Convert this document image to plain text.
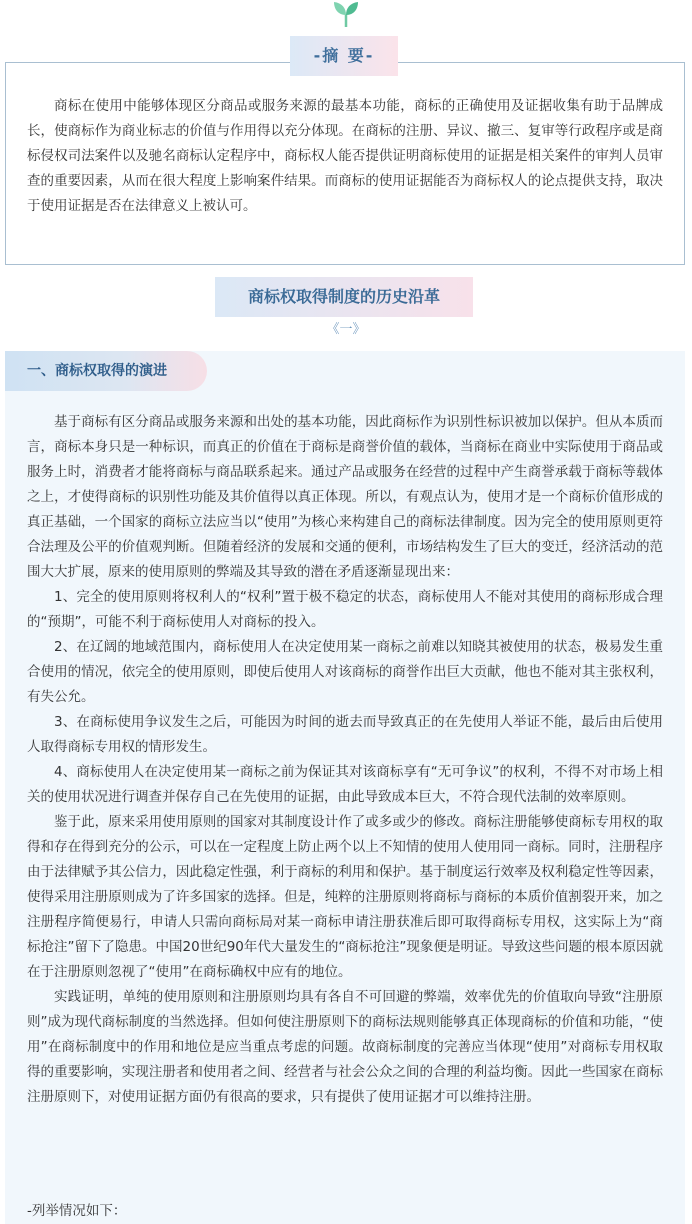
-摘 要-

商标在使用中能够体现区分商品或服务来源的最基本功能，商标的正确使用及证据收集有助于品牌成长，使商标作为商业标志的价值与作用得以充分体现。在商标的注册、异议、撤三、复审等行政程序或是商标侵权司法案件以及驰名商标认定程序中，商标权人能否提供证明商标使用的证据是相关案件的审判人员审查的重要因素，从而在很大程度上影响案件结果。而商标的使用证据能否为商标权人的论点提供支持，取决于使用证据是否在法律意义上被认可。

商标权取得制度的历史沿革
《一》
一、商标权取得的演进

基于商标有区分商品或服务来源和出处的基本功能，因此商标作为识别性标识被加以保护。但从本质而言，商标本身只是一种标识，而真正的价值在于商标是商誉价值的载体，当商标在商业中实际使用于商品或服务上时，消费者才能将商标与商品联系起来。通过产品或服务在经营的过程中产生商誉承载于商标等载体之上，才使得商标的识别性功能及其价值得以真正体现。所以，有观点认为，使用才是一个商标价值形成的真正基础，一个国家的商标立法应当以“使用”为核心来构建自己的商标法律制度。因为完全的使用原则更符合法理及公平的价值观判断。但随着经济的发展和交通的便利，市场结构发生了巨大的变迁，经济活动的范围大大扩展，原来的使用原则的弊端及其导致的潜在矛盾逐渐显现出来：

1、完全的使用原则将权利人的“权利”置于极不稳定的状态，商标使用人不能对其使用的商标形成合理的“预期”，可能不利于商标使用人对商标的投入。

2、在辽阔的地域范围内，商标使用人在决定使用某一商标之前难以知晓其被使用的状态，极易发生重合使用的情况，依完全的使用原则，即使后使用人对该商标的商誉作出巨大贡献，他也不能对其主张权利，有失公允。

3、在商标使用争议发生之后，可能因为时间的逝去而导致真正的在先使用人举证不能，最后由后使用人取得商标专用权的情形发生。

4、商标使用人在决定使用某一商标之前为保证其对该商标享有“无可争议”的权利，不得不对市场上相关的使用状况进行调查并保存自己在先使用的证据，由此导致成本巨大，不符合现代法制的效率原则。

鉴于此，原来采用使用原则的国家对其制度设计作了或多或少的修改。商标注册能够使商标专用权的取得和存在得到充分的公示，可以在一定程度上防止两个以上不知情的使用人使用同一商标。同时，注册程序由于法律赋予其公信力，因此稳定性强，利于商标的利用和保护。基于制度运行效率及权利稳定性等因素，使得采用注册原则成为了许多国家的选择。但是，纯粹的注册原则将商标与商标的本质价值割裂开来，加之注册程序简便易行，申请人只需向商标局对某一商标申请注册获准后即可取得商标专用权，这实际上为“商标抢注”留下了隐患。中国20世纪90年代大量发生的“商标抢注”现象便是明证。导致这些问题的根本原因就在于注册原则忽视了“使用”在商标确权中应有的地位。

实践证明，单纯的使用原则和注册原则均具有各自不可回避的弊端，效率优先的价值取向导致“注册原则”成为现代商标制度的当然选择。但如何使注册原则下的商标法规则能够真正体现商标的价值和功能，“使用”在商标制度中的作用和地位是应当重点考虑的问题。故商标制度的完善应当体现“使用”对商标专用权取得的重要影响，实现注册者和使用者之间、经营者与社会公众之间的合理的利益均衡。因此一些国家在商标注册原则下，对使用证据方面仍有很高的要求，只有提供了使用证据才可以维持注册。

-列举情况如下：
